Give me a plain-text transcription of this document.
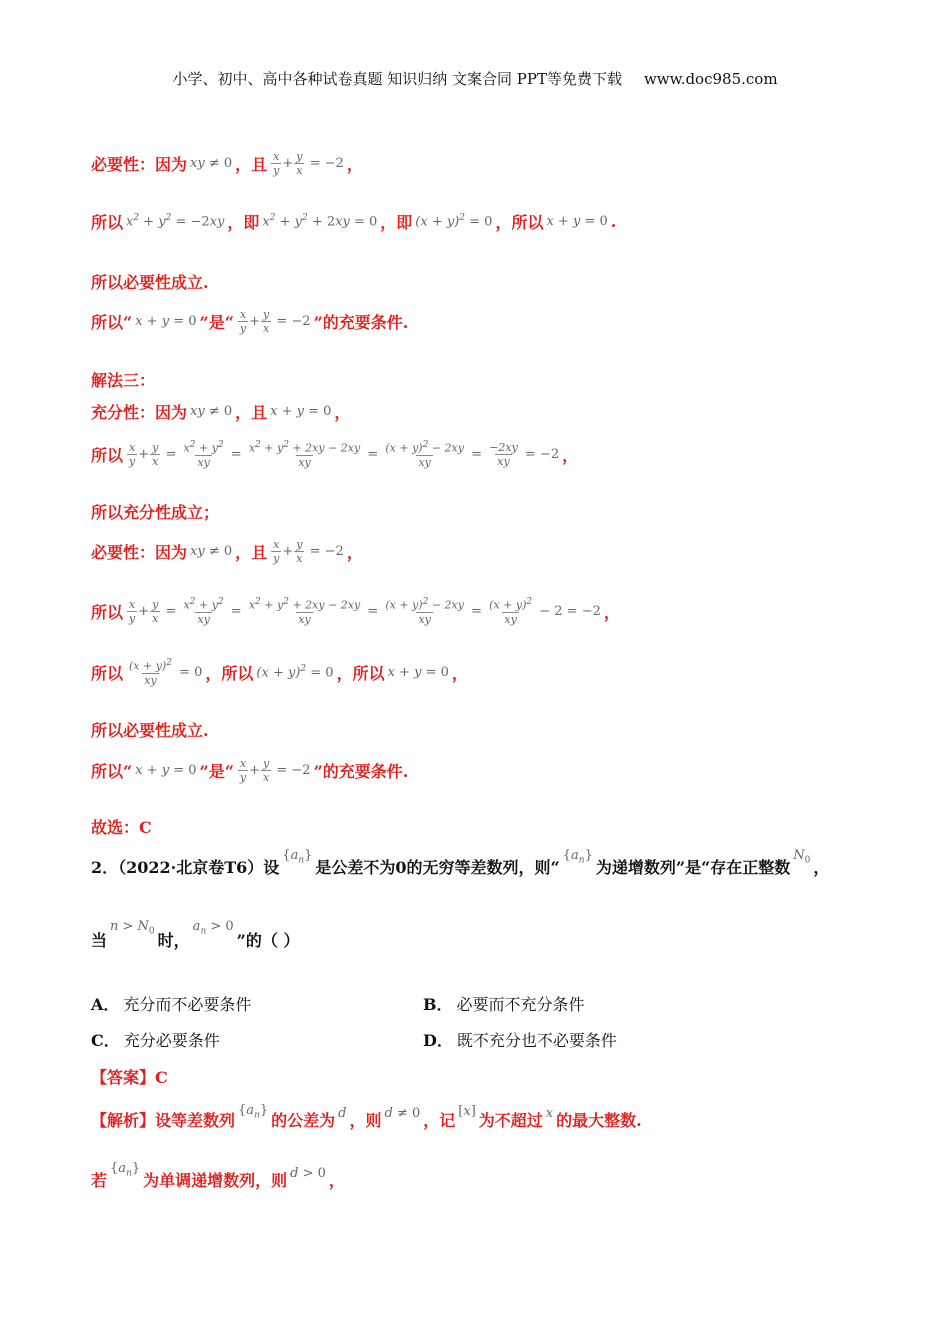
小学、初中、高中各种试卷真题 知识归纳 文案合同 PPT等免费下载 www.doc985.com
必要性：因为 xy ≠ 0 ，且 $\frac{x}{y} + \frac{y}{x} = -2$ ，
所以 $x^2 + y^2 = -2xy$ ，即 $x^2 + y^2 + 2xy = 0$ ，即 $(x + y)^2 = 0$ ，所以 x + y = 0 .
所以必要性成立.
所以“ x + y = 0 ”是“ $\frac{x}{y} + \frac{y}{x} = -2$ ”的充要条件.
解法三：
充分性：因为 xy ≠ 0 ，且 x + y = 0 ，
所以 $\frac{x}{y} + \frac{y}{x} = \frac{x^2 + y^2}{xy} = \frac{x^2 + y^2 + 2xy - 2xy}{xy} = \frac{(x + y)^2 - 2xy}{xy} = \frac{-2xy}{xy} = -2$ ，
所以充分性成立；
必要性：因为 xy ≠ 0 ，且 $\frac{x}{y} + \frac{y}{x} = -2$ ，
所以 $\frac{x}{y} + \frac{y}{x} = \frac{x^2 + y^2}{xy} = \frac{x^2 + y^2 + 2xy - 2xy}{xy} = \frac{(x + y)^2 - 2xy}{xy} = \frac{(x + y)^2}{xy} - 2 = -2$ ，
所以 $\frac{(x + y)^2}{xy} = 0$ ，所以 $(x + y)^2 = 0$ ，所以 x + y = 0 ，
所以必要性成立.
所以“ x + y = 0 ”是“ $\frac{x}{y} + \frac{y}{x} = -2$ ”的充要条件.
故选：C
2．（2022·北京卷T6）设
$\{a_n\}$
是公差不为0的无穷等差数列，则“
$\{a_n\}$
为递增数列”是“存在正整数
$N_0$ ，
当
$n > N_0$ 时，
$a_n > 0$
”的（ ）
A． 充分而不必要条件	B． 必要而不充分条件
C． 充分必要条件	D． 既不充分也不必要条件
【答案】C
【解析】设等差数列
$\{a_n\}$
的公差为 d ，则 d ≠ 0 ，记 [x] 为不超过 x 的最大整数.
若
$\{a_n\}$
为单调递增数列，则 d > 0 ，
